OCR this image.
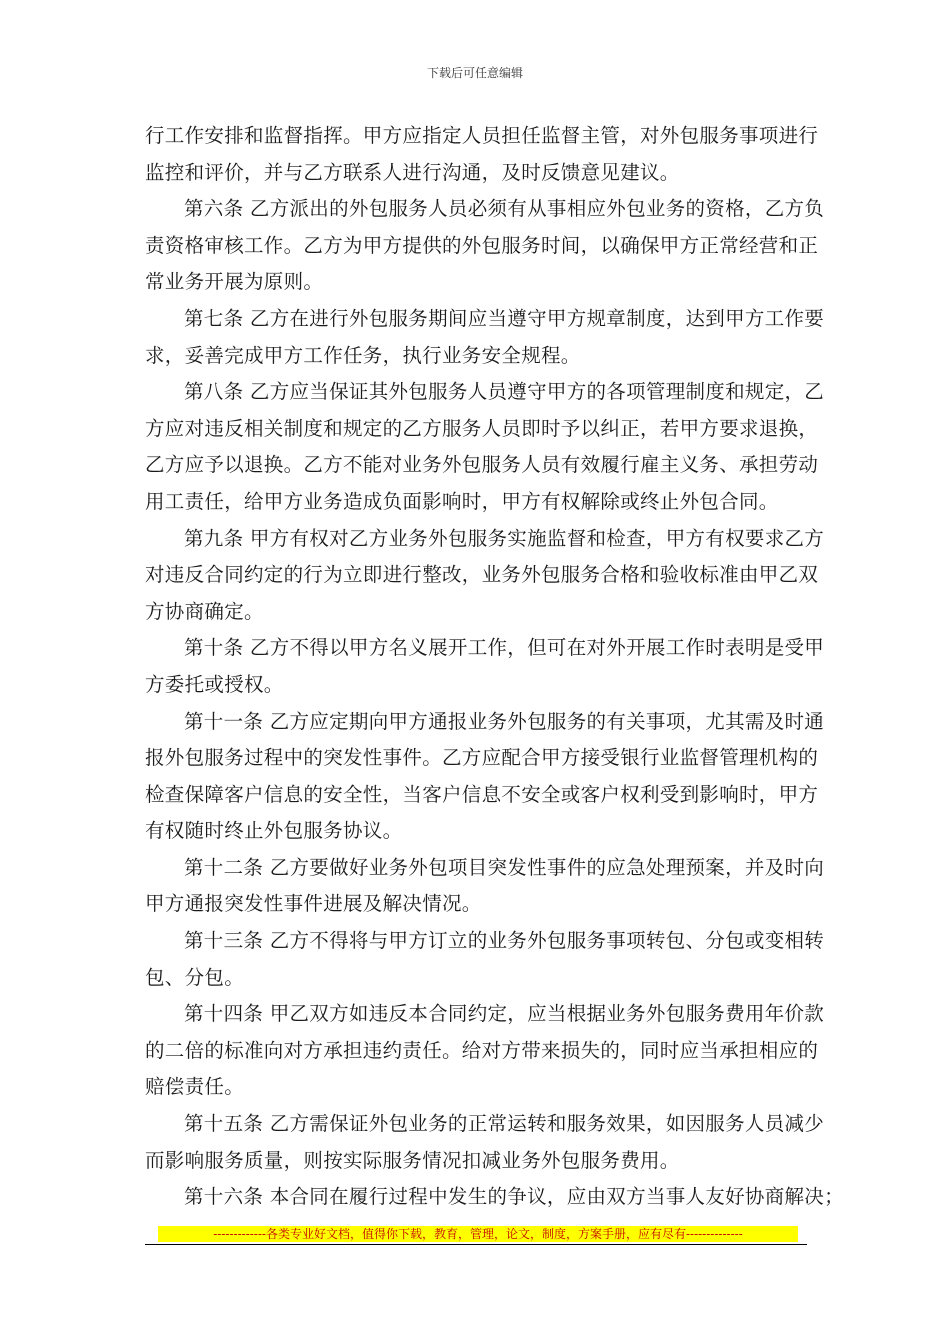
下载后可任意编辑

行工作安排和监督指挥。甲方应指定人员担任监督主管，对外包服务事项进行
监控和评价，并与乙方联系人进行沟通，及时反馈意见建议。

第六条 乙方派出的外包服务人员必须有从事相应外包业务的资格，乙方负
责资格审核工作。乙方为甲方提供的外包服务时间，以确保甲方正常经营和正
常业务开展为原则。

第七条 乙方在进行外包服务期间应当遵守甲方规章制度，达到甲方工作要
求，妥善完成甲方工作任务，执行业务安全规程。

第八条 乙方应当保证其外包服务人员遵守甲方的各项管理制度和规定，乙
方应对违反相关制度和规定的乙方服务人员即时予以纠正，若甲方要求退换，
乙方应予以退换。乙方不能对业务外包服务人员有效履行雇主义务、承担劳动
用工责任，给甲方业务造成负面影响时，甲方有权解除或终止外包合同。

第九条 甲方有权对乙方业务外包服务实施监督和检查，甲方有权要求乙方
对违反合同约定的行为立即进行整改，业务外包服务合格和验收标准由甲乙双
方协商确定。

第十条 乙方不得以甲方名义展开工作，但可在对外开展工作时表明是受甲
方委托或授权。

第十一条 乙方应定期向甲方通报业务外包服务的有关事项，尤其需及时通
报外包服务过程中的突发性事件。乙方应配合甲方接受银行业监督管理机构的
检查保障客户信息的安全性，当客户信息不安全或客户权利受到影响时，甲方
有权随时终止外包服务协议。

第十二条 乙方要做好业务外包项目突发性事件的应急处理预案，并及时向
甲方通报突发性事件进展及解决情况。

第十三条 乙方不得将与甲方订立的业务外包服务事项转包、分包或变相转
包、分包。

第十四条 甲乙双方如违反本合同约定，应当根据业务外包服务费用年价款
的二倍的标准向对方承担违约责任。给对方带来损失的，同时应当承担相应的
赔偿责任。

第十五条 乙方需保证外包业务的正常运转和服务效果，如因服务人员减少
而影响服务质量，则按实际服务情况扣减业务外包服务费用。

第十六条 本合同在履行过程中发生的争议，应由双方当事人友好协商解决；

-------------各类专业好文档，值得你下载，教育，管理，论文，制度，方案手册，应有尽有--------------
